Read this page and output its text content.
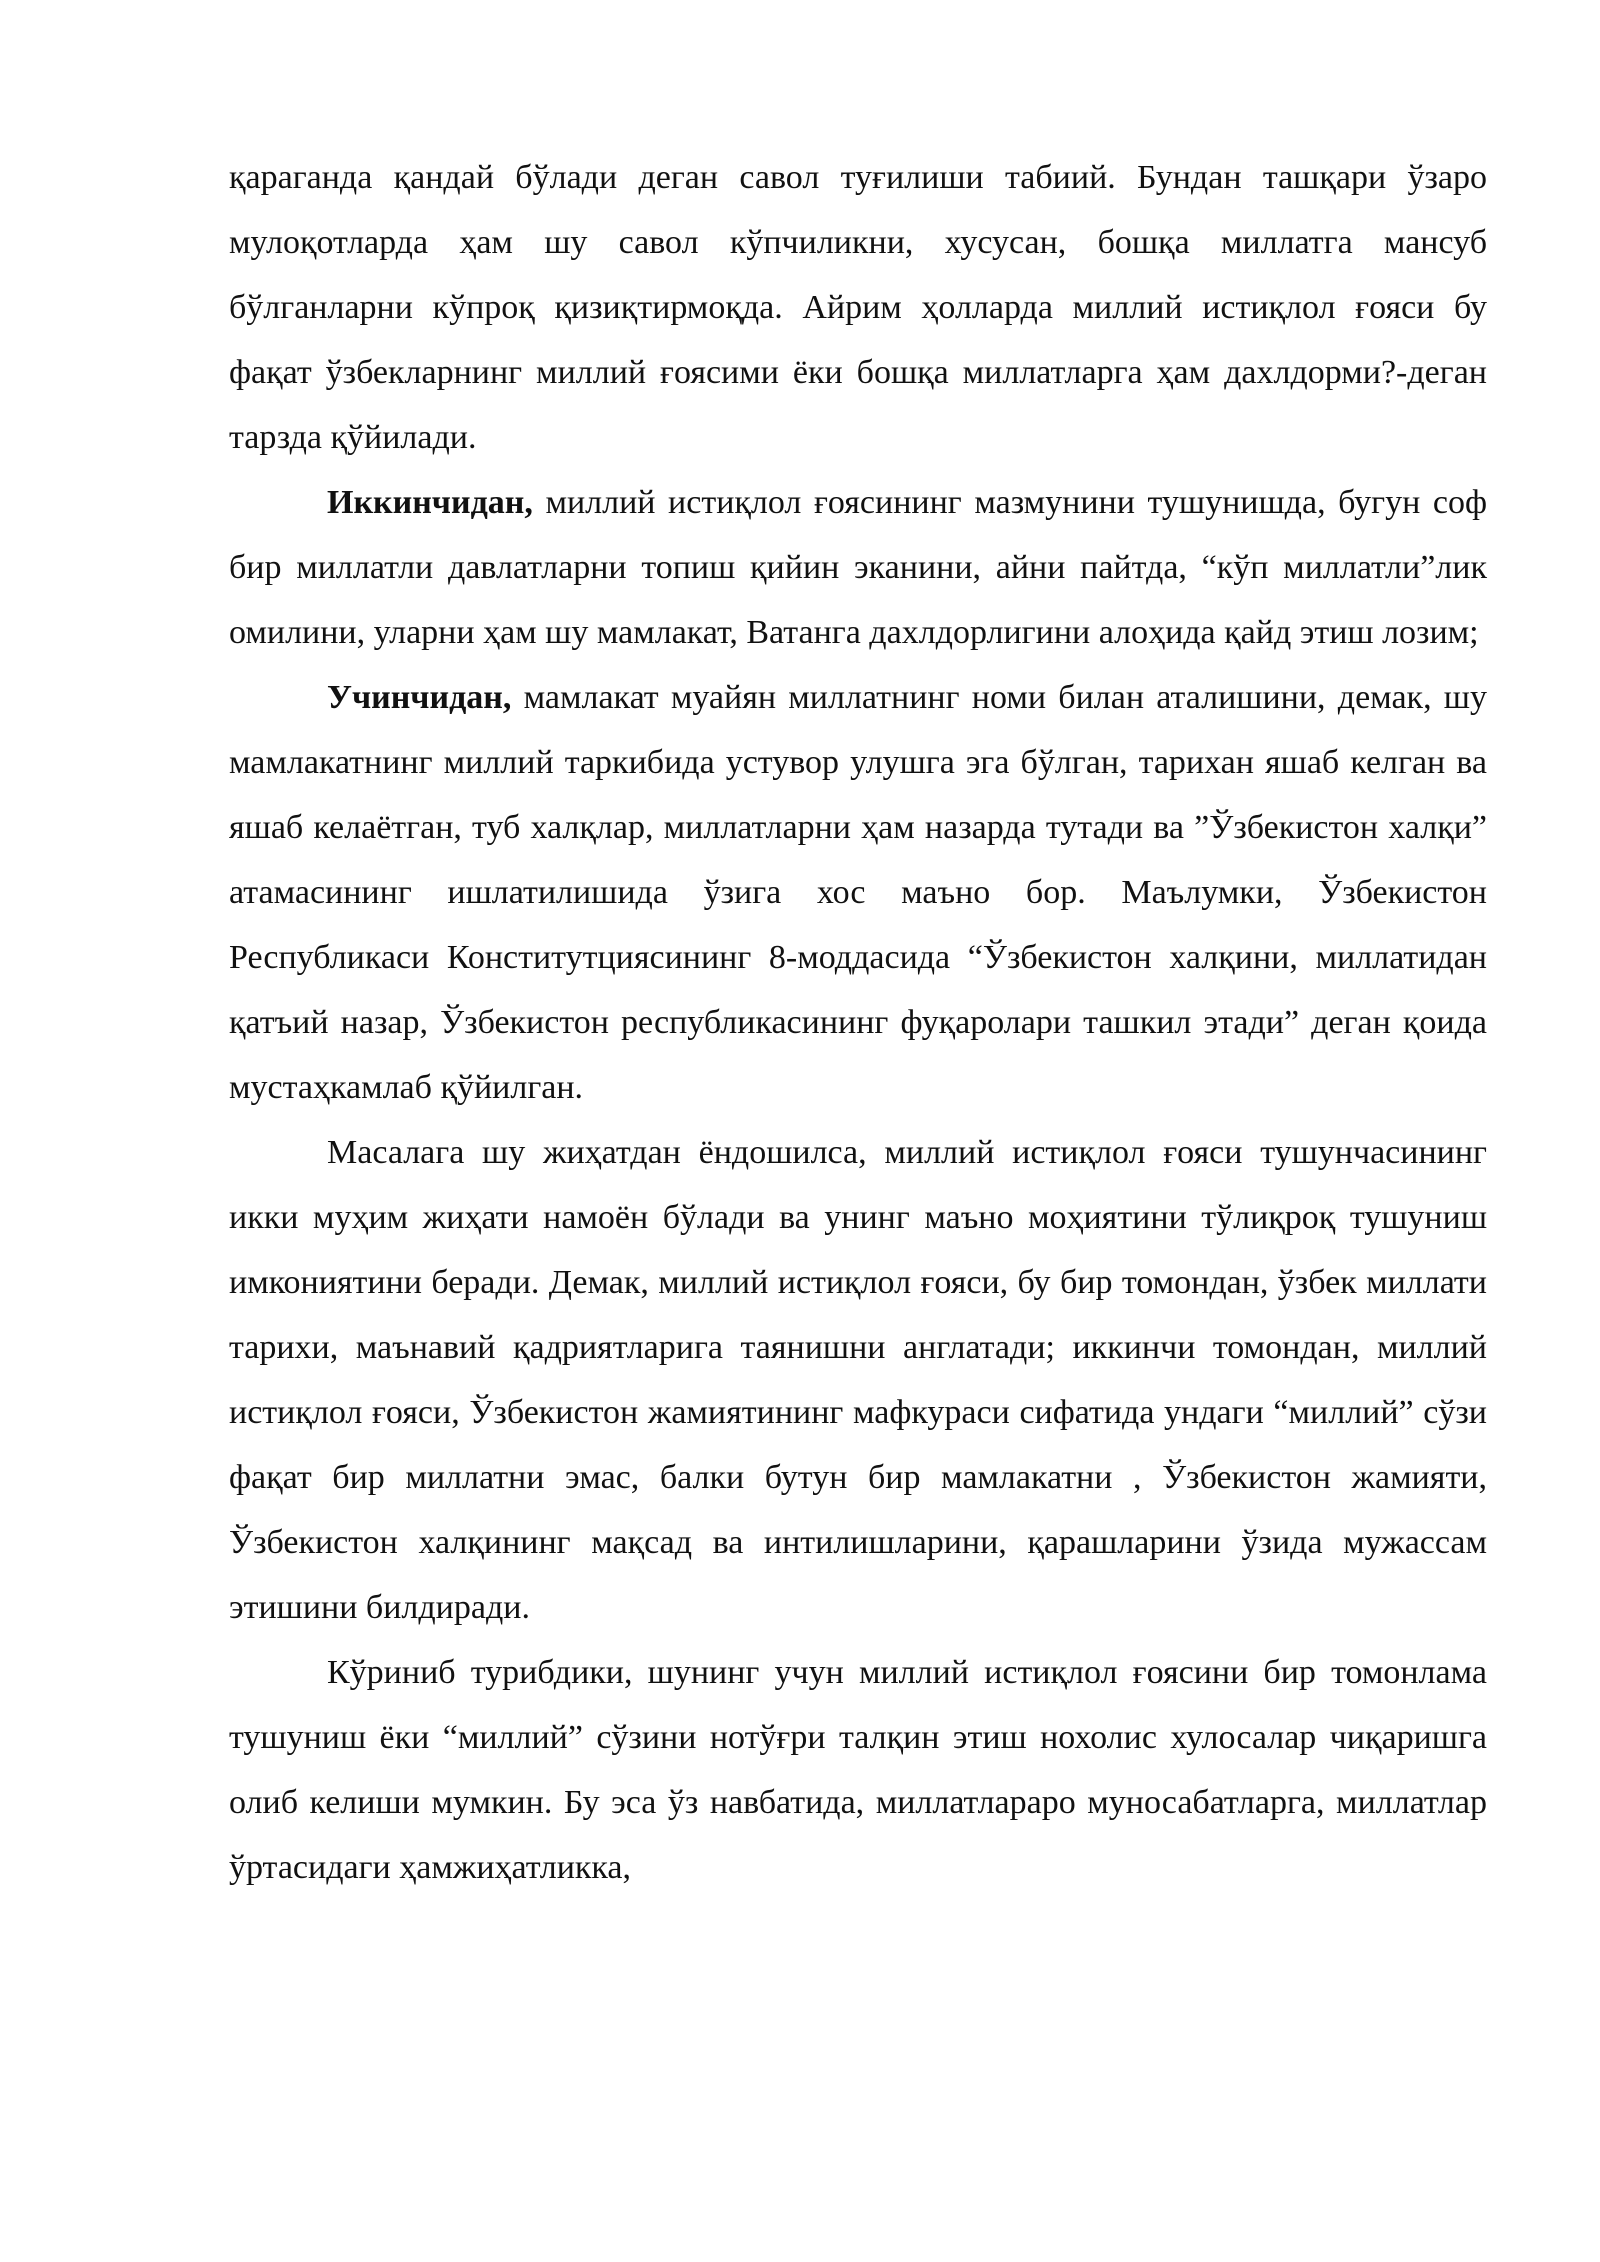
қараганда қандай бўлади деган савол туғилиши табиий. Бундан ташқари ўзаро мулоқотларда ҳам шу савол кўпчиликни, хусусан, бошқа миллатга мансуб бўлганларни кўпроқ қизиқтирмоқда. Айрим ҳолларда миллий истиқлол ғояси бу фақат ўзбекларнинг миллий ғоясими ёки бошқа миллатларга ҳам дахлдорми?-деган тарзда қўйилади.

Иккинчидан, миллий истиқлол ғоясининг мазмунини тушунишда, бугун соф бир миллатли давлатларни топиш қийин эканини, айни пайтда, “кўп миллатли”лик омилини, уларни ҳам шу мамлакат, Ватанга дахлдорлигини алоҳида қайд этиш лозим;

Учинчидан, мамлакат муайян миллатнинг номи билан аталишини, демак, шу мамлакатнинг миллий таркибида устувор улушга эга бўлган, тарихан яшаб келган ва яшаб келаётган, туб халқлар, миллатларни ҳам назарда тутади ва ”Ўзбекистон халқи” атамасининг ишлатилишида ўзига хос маъно бор. Маълумки, Ўзбекистон Республикаси Конститутциясининг 8-моддасида “Ўзбекистон халқини, миллатидан қатъий назар, Ўзбекистон республикасининг фуқаролари ташкил этади” деган қоида мустаҳкамлаб қўйилган.

Масалага шу жиҳатдан ёндошилса, миллий истиқлол ғояси тушунчасининг икки муҳим жиҳати намоён бўлади ва унинг маъно моҳиятини тўлиқроқ тушуниш имкониятини беради. Демак, миллий истиқлол ғояси, бу бир томондан, ўзбек миллати тарихи, маънавий қадриятларига таянишни англатади; иккинчи томондан, миллий истиқлол ғояси, Ўзбекистон жамиятининг мафкураси сифатида ундаги “миллий” сўзи фақат бир миллатни эмас, балки бутун бир мамлакатни , Ўзбекистон жамияти, Ўзбекистон халқининг мақсад ва интилишларини, қарашларини ўзида мужассам этишини билдиради.

Кўриниб турибдики, шунинг учун миллий истиқлол ғоясини бир томонлама тушуниш ёки “миллий” сўзини нотўғри талқин этиш нохолис хулосалар чиқаришга олиб келиши мумкин. Бу эса ўз навбатида, миллатлараро муносабатларга, миллатлар ўртасидаги ҳамжиҳатликка,
